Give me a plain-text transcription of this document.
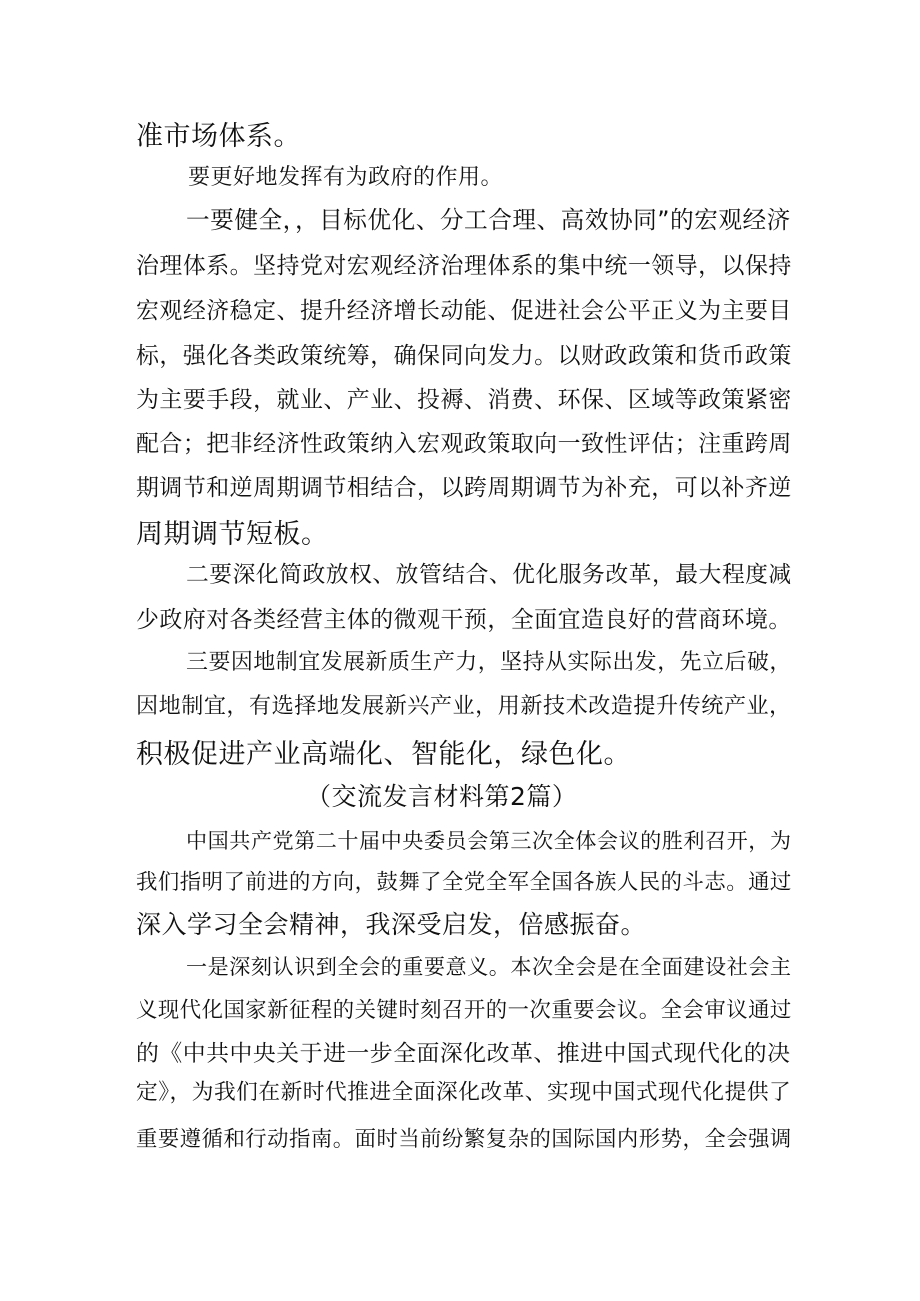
准市场体系。
要更好地发挥有为政府的作用。
一要健全，，目标优化、分工合理、高效协同”的宏观经济
治理体系。坚持党对宏观经济治理体系的集中统一领导，以保持
宏观经济稳定、提升经济增长动能、促进社会公平正义为主要目
标，强化各类政策统筹，确保同向发力。以财政政策和货币政策
为主要手段，就业、产业、投褥、消费、环保、区域等政策紧密
配合；把非经济性政策纳入宏观政策取向一致性评估；注重跨周
期调节和逆周期调节相结合，以跨周期调节为补充，可以补齐逆
周期调节短板。
二要深化简政放权、放管结合、优化服务改革，最大程度减
少政府对各类经营主体的微观干预，全面宜造良好的营商环境。
三要因地制宜发展新质生产力，坚持从实际出发，先立后破，
因地制宜，有选择地发展新兴产业，用新技术改造提升传统产业，
积极促进产业高端化、智能化，绿色化。
（交流发言材料第2篇）
中国共产党第二十届中央委员会第三次全体会议的胜利召开，为
我们指明了前进的方向，鼓舞了全党全军全国各族人民的斗志。通过
深入学习全会精神，我深受启发，倍感振奋。
一是深刻认识到全会的重要意义。本次全会是在全面建设社会主
义现代化国家新征程的关键时刻召开的一次重要会议。全会审议通过
的《中共中央关于进一步全面深化改革、推进中国式现代化的决
定》，为我们在新时代推进全面深化改革、实现中国式现代化提供了
重要遵循和行动指南。面时当前纷繁复杂的国际国内形势，全会强调
